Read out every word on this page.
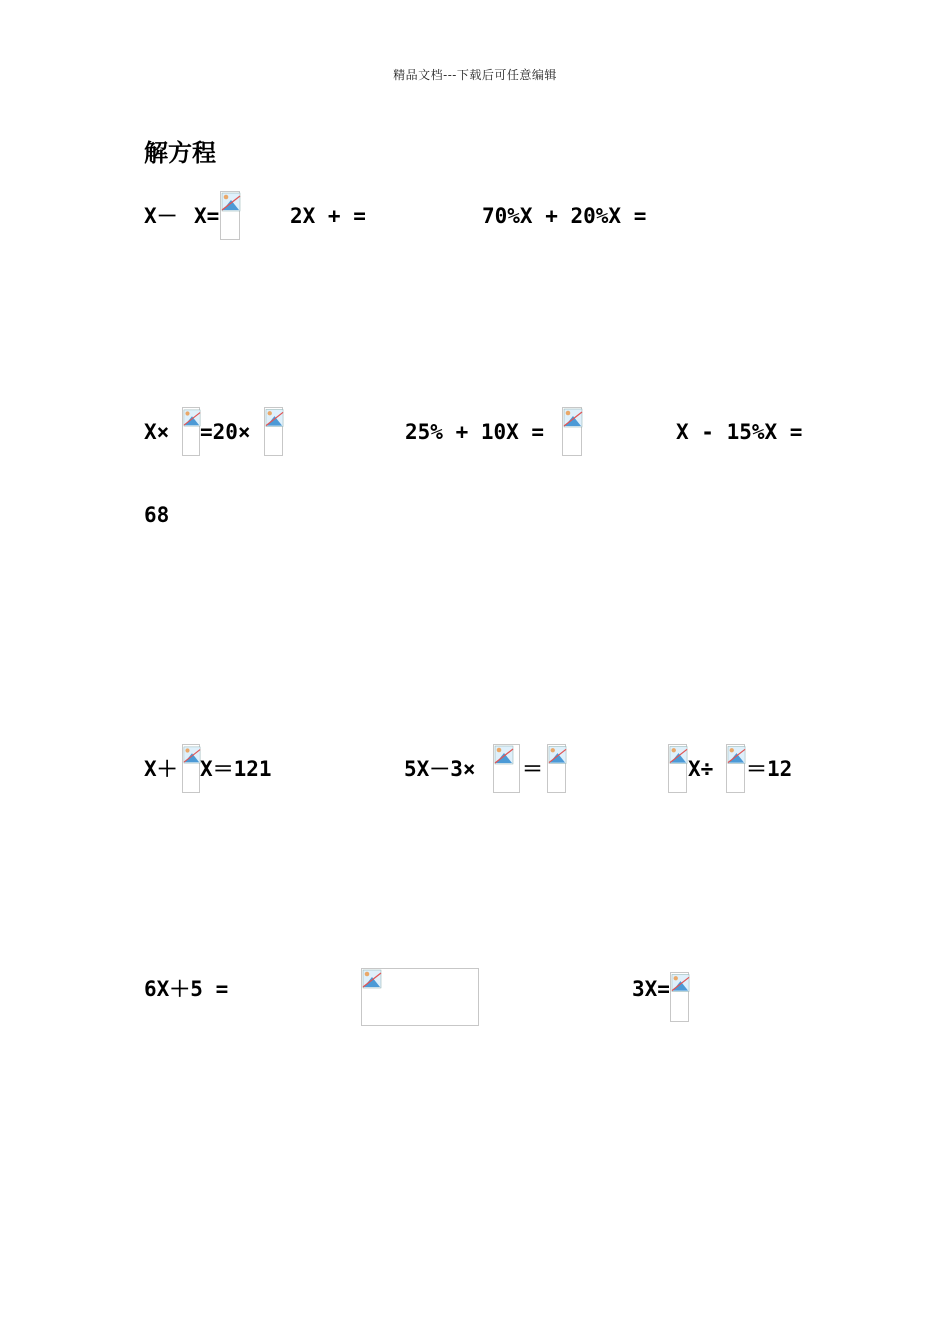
精品文档---下载后可任意编辑
解方程
X－ X=	2X + =	70%X + 20%X =
X× =20×	25% + 10X =	X - 15%X =
68
X＋ X＝121	5X－3× ＝	X÷ ＝12
6X＋5 =	3X=
